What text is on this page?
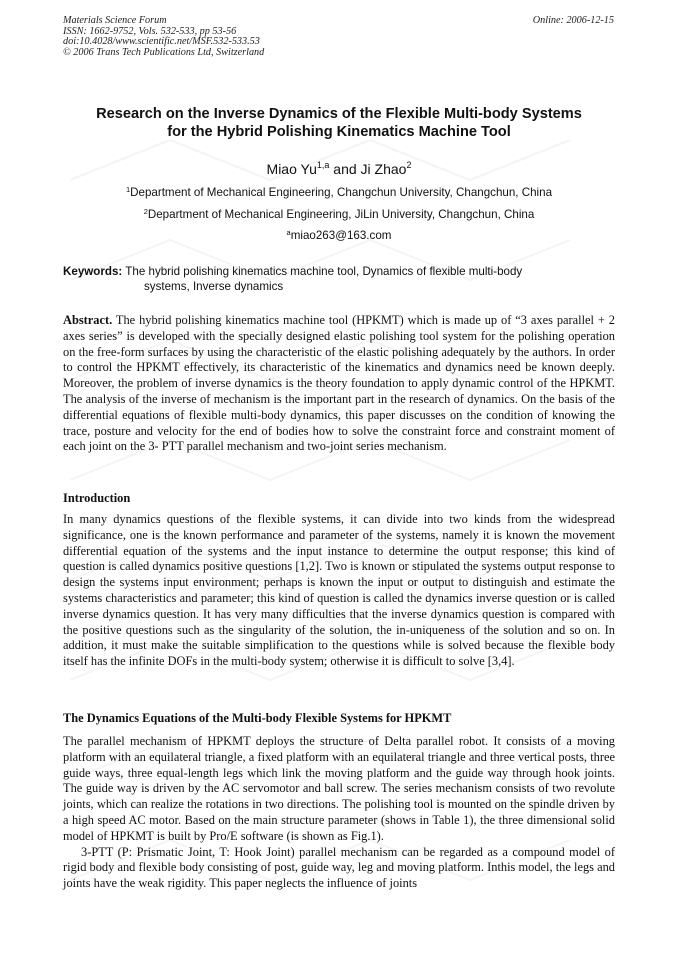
Materials Science Forum
ISSN: 1662-9752, Vols. 532-533, pp 53-56
doi:10.4028/www.scientific.net/MSF.532-533.53
© 2006 Trans Tech Publications Ltd, Switzerland
Online: 2006-12-15
Research on the Inverse Dynamics of the Flexible Multi-body Systems
for the Hybrid Polishing Kinematics Machine Tool
Miao Yu$^{1,a}$ and Ji Zhao$^2$
$^1$Department of Mechanical Engineering, Changchun University, Changchun, China
$^2$Department of Mechanical Engineering, JiLin University, Changchun, China
$^a$miao263@163.com
Keywords: The hybrid polishing kinematics machine tool, Dynamics of flexible multi-body
systems, Inverse dynamics

Abstract. The hybrid polishing kinematics machine tool (HPKMT) which is made up of “3 axes parallel + 2 axes series” is developed with the specially designed elastic polishing tool system for the polishing operation on the free-form surfaces by using the characteristic of the elastic polishing adequately by the authors. In order to control the HPKMT effectively, its characteristic of the kinematics and dynamics need be known deeply. Moreover, the problem of inverse dynamics is the theory foundation to apply dynamic control of the HPKMT. The analysis of the inverse of mechanism is the important part in the research of dynamics. On the basis of the differential equations of flexible multi-body dynamics, this paper discusses on the condition of knowing the trace, posture and velocity for the end of bodies how to solve the constraint force and constraint moment of each joint on the 3- PTT parallel mechanism and two-joint series mechanism.

Introduction

In many dynamics questions of the flexible systems, it can divide into two kinds from the widespread significance, one is the known performance and parameter of the systems, namely it is known the movement differential equation of the systems and the input instance to determine the output response; this kind of question is called dynamics positive questions [1,2]. Two is known or stipulated the systems output response to design the systems input environment; perhaps is known the input or output to distinguish and estimate the systems characteristics and parameter; this kind of question is called the dynamics inverse question or is called inverse dynamics question. It has very many difficulties that the inverse dynamics question is compared with the positive questions such as the singularity of the solution, the in-uniqueness of the solution and so on. In addition, it must make the suitable simplification to the questions while is solved because the flexible body itself has the infinite DOFs in the multi-body system; otherwise it is difficult to solve [3,4].

The Dynamics Equations of the Multi-body Flexible Systems for HPKMT

The parallel mechanism of HPKMT deploys the structure of Delta parallel robot. It consists of a moving platform with an equilateral triangle, a fixed platform with an equilateral triangle and three vertical posts, three guide ways, three equal-length legs which link the moving platform and the guide way through hook joints. The guide way is driven by the AC servomotor and ball screw. The series mechanism consists of two revolute joints, which can realize the rotations in two directions. The polishing tool is mounted on the spindle driven by a high speed AC motor. Based on the main structure parameter (shows in Table 1), the three dimensional solid model of HPKMT is built by Pro/E software (is shown as Fig.1).

3-PTT (P: Prismatic Joint, T: Hook Joint) parallel mechanism can be regarded as a compound model of rigid body and flexible body consisting of post, guide way, leg and moving platform. Inthis model, the legs and joints have the weak rigidity. This paper neglects the influence of joints
